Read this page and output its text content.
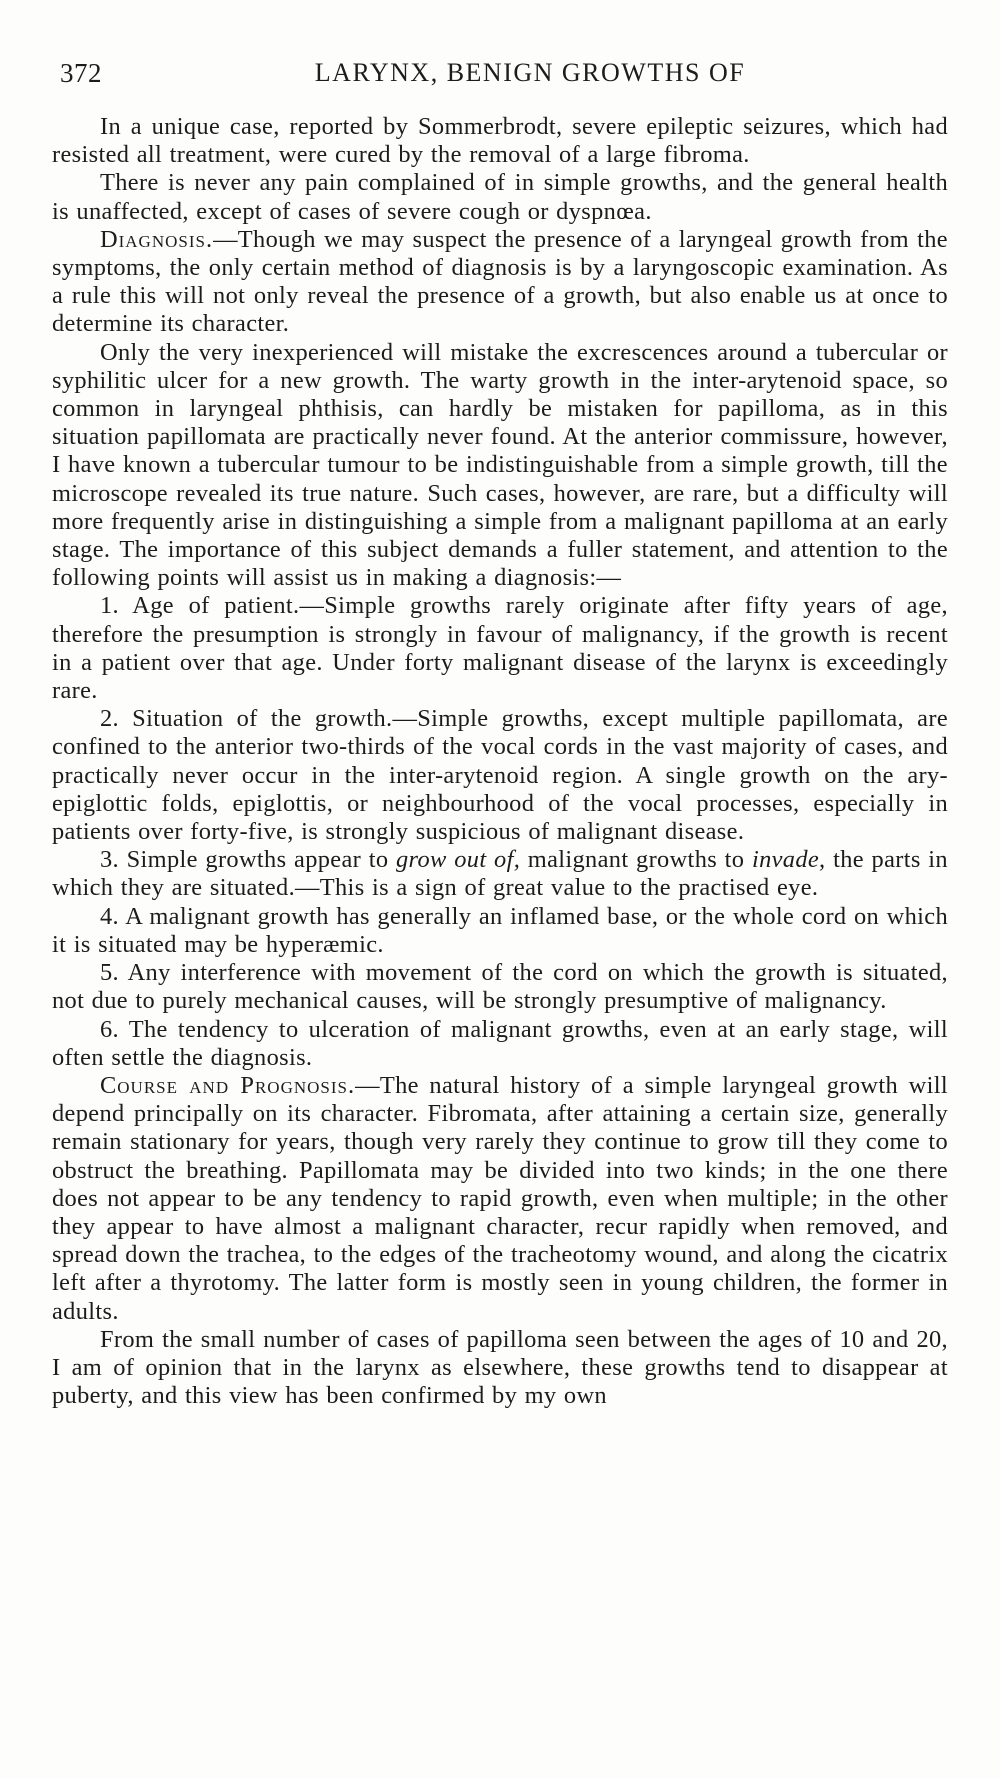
372	LARYNX, BENIGN GROWTHS OF

In a unique case, reported by Sommerbrodt, severe epileptic seizures, which had resisted all treatment, were cured by the removal of a large fibroma.

There is never any pain complained of in simple growths, and the general health is unaffected, except of cases of severe cough or dyspnœa.

Diagnosis.—Though we may suspect the presence of a laryngeal growth from the symptoms, the only certain method of diagnosis is by a laryngoscopic examination. As a rule this will not only reveal the presence of a growth, but also enable us at once to determine its character.

Only the very inexperienced will mistake the excrescences around a tubercular or syphilitic ulcer for a new growth. The warty growth in the inter-arytenoid space, so common in laryngeal phthisis, can hardly be mistaken for papilloma, as in this situation papillomata are practically never found. At the anterior commissure, however, I have known a tubercular tumour to be indistinguishable from a simple growth, till the microscope revealed its true nature. Such cases, however, are rare, but a difficulty will more frequently arise in distinguishing a simple from a malignant papilloma at an early stage. The importance of this subject demands a fuller statement, and attention to the following points will assist us in making a diagnosis:—

1. Age of patient.—Simple growths rarely originate after fifty years of age, therefore the presumption is strongly in favour of malignancy, if the growth is recent in a patient over that age. Under forty malignant disease of the larynx is exceedingly rare.

2. Situation of the growth.—Simple growths, except multiple papillomata, are confined to the anterior two-thirds of the vocal cords in the vast majority of cases, and practically never occur in the inter-arytenoid region. A single growth on the ary-epiglottic folds, epiglottis, or neighbourhood of the vocal processes, especially in patients over forty-five, is strongly suspicious of malignant disease.

3. Simple growths appear to grow out of, malignant growths to invade, the parts in which they are situated.—This is a sign of great value to the practised eye.

4. A malignant growth has generally an inflamed base, or the whole cord on which it is situated may be hyperæmic.

5. Any interference with movement of the cord on which the growth is situated, not due to purely mechanical causes, will be strongly presumptive of malignancy.

6. The tendency to ulceration of malignant growths, even at an early stage, will often settle the diagnosis.

Course and Prognosis.—The natural history of a simple laryngeal growth will depend principally on its character. Fibromata, after attaining a certain size, generally remain stationary for years, though very rarely they continue to grow till they come to obstruct the breathing. Papillomata may be divided into two kinds; in the one there does not appear to be any tendency to rapid growth, even when multiple; in the other they appear to have almost a malignant character, recur rapidly when removed, and spread down the trachea, to the edges of the tracheotomy wound, and along the cicatrix left after a thyrotomy. The latter form is mostly seen in young children, the former in adults.

From the small number of cases of papilloma seen between the ages of 10 and 20, I am of opinion that in the larynx as elsewhere, these growths tend to disappear at puberty, and this view has been confirmed by my own
